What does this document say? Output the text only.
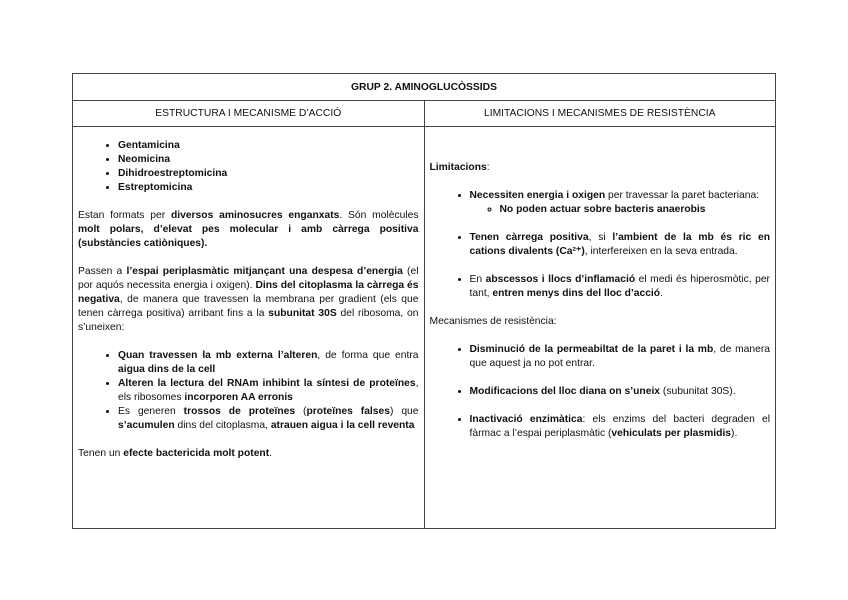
GRUP 2. AMINOGLUCÒSSIDS
ESTRUCTURA I MECANISME D’ACCIÓ	LIMITACIONS I MECANISMES DE RESISTÈNCIA
• Gentamicina
• Neomicina
• Dihidroestreptomicina
• Estreptomicina

Estan formats per diversos aminosucres enganxats. Són molècules molt polars, d’elevat pes molecular i amb càrrega positiva (substàncies catiòniques).

Passen a l’espai periplasmàtic mitjançant una despesa d’energia (el por aquós necessita energia i oxigen). Dins del citoplasma la càrrega és negativa, de manera que travessen la membrana per gradient (els que tenen càrrega positiva) arribant fins a la subunitat 30S del ribosoma, on s’uneixen:

• Quan travessen la mb externa l’alteren, de forma que entra aigua dins de la cell
• Alteren la lectura del RNAm inhibint la síntesi de proteïnes, els ribosomes incorporen AA erronis
• Es generen trossos de proteïnes (proteïnes falses) que s’acumulen dins del citoplasma, atrauen aigua i la cell reventa

Tenen un efecte bactericida molt potent.

Limitacions:

• Necessiten energia i oxigen per travessar la paret bacteriana:
◦ No poden actuar sobre bacteris anaerobis
• Tenen càrrega positiva, si l’ambient de la mb és ric en cations divalents (Ca²⁺), interfereixen en la seva entrada.
• En abscessos i llocs d’inflamació el medi és hiperosmòtic, per tant, entren menys dins del lloc d’acció.

Mecanismes de resistència:

• Disminució de la permeabiltat de la paret i la mb, de manera que aquest ja no pot entrar.
• Modificacions del lloc diana on s’uneix (subunitat 30S).
• Inactivació enzimàtica: els enzims del bacteri degraden el fàrmac a l’espai periplasmàtic (vehiculats per plasmidis).
